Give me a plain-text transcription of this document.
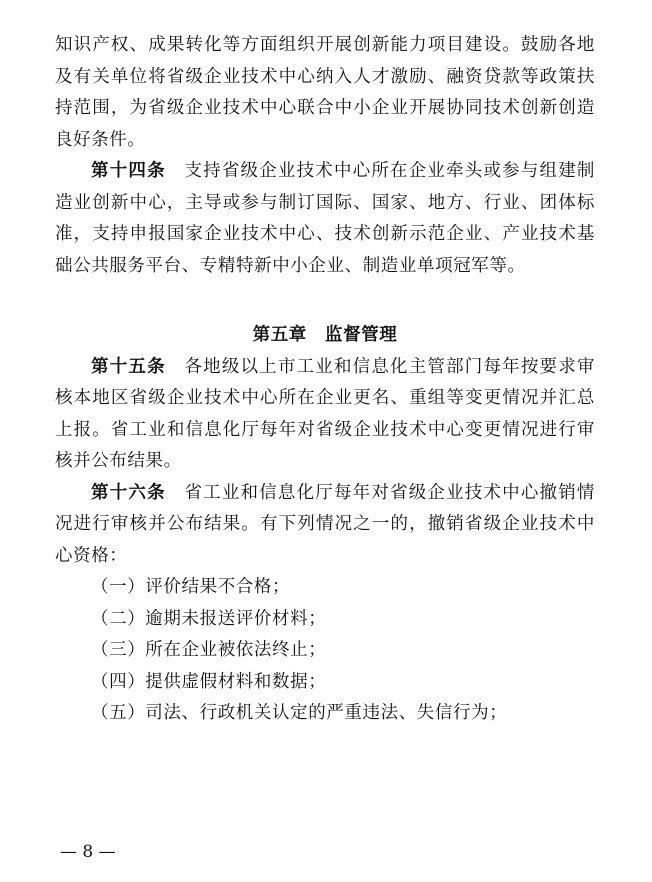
知识产权、成果转化等方面组织开展创新能力项目建设。鼓励各地及有关单位将省级企业技术中心纳入人才激励、融资贷款等政策扶持范围，为省级企业技术中心联合中小企业开展协同技术创新创造良好条件。

第十四条　 支持省级企业技术中心所在企业牵头或参与组建制造业创新中心，主导或参与制订国际、国家、地方、行业、团体标准，支持申报国家企业技术中心、技术创新示范企业、产业技术基础公共服务平台、专精特新中小企业、制造业单项冠军等。

第五章　监督管理

第十五条　 各地级以上市工业和信息化主管部门每年按要求审核本地区省级企业技术中心所在企业更名、重组等变更情况并汇总上报。省工业和信息化厅每年对省级企业技术中心变更情况进行审核并公布结果。

第十六条　 省工业和信息化厅每年对省级企业技术中心撤销情况进行审核并公布结果。有下列情况之一的，撤销省级企业技术中心资格：

（一）评价结果不合格；

（二）逾期未报送评价材料；

（三）所在企业被依法终止；

（四）提供虚假材料和数据；

（五）司法、行政机关认定的严重违法、失信行为；

— 8 —
